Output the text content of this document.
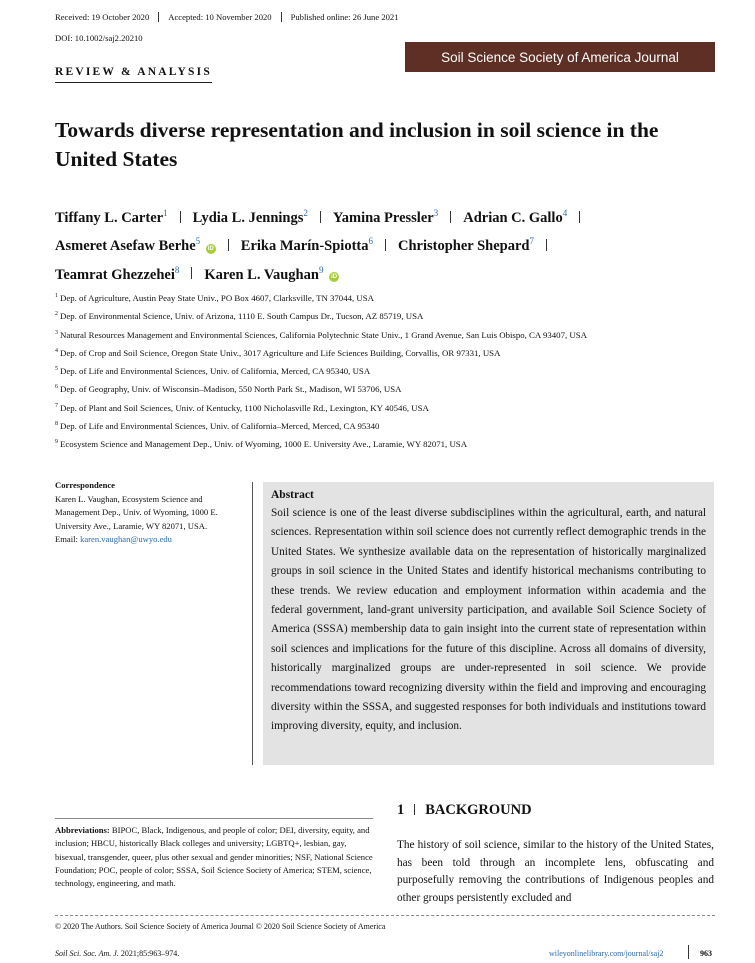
Received: 19 October 2020	Accepted: 10 November 2020	Published online: 26 June 2021
DOI: 10.1002/saj2.20210
Soil Science Society of America Journal
REVIEW & ANALYSIS
Towards diverse representation and inclusion in soil science in the United States
Tiffany L. Carter$^1$ Lydia L. Jennings$^2$ Yamina Pressler$^3$ Adrian C. Gallo$^4$
Asmeret Asefaw Berhe$^5$ iD Erika Marín-Spiotta$^6$ Christopher Shepard$^7$
Teamrat Ghezzehei$^8$ Karen L. Vaughan$^9$ iD
$^1$ Dep. of Agriculture, Austin Peay State Univ., PO Box 4607, Clarksville, TN 37044, USA
$^2$ Dep. of Environmental Science, Univ. of Arizona, 1110 E. South Campus Dr., Tucson, AZ 85719, USA
$^3$ Natural Resources Management and Environmental Sciences, California Polytechnic State Univ., 1 Grand Avenue, San Luis Obispo, CA 93407, USA
$^4$ Dep. of Crop and Soil Science, Oregon State Univ., 3017 Agriculture and Life Sciences Building, Corvallis, OR 97331, USA
$^5$ Dep. of Life and Environmental Sciences, Univ. of California, Merced, CA 95340, USA
$^6$ Dep. of Geography, Univ. of Wisconsin–Madison, 550 North Park St., Madison, WI 53706, USA
$^7$ Dep. of Plant and Soil Sciences, Univ. of Kentucky, 1100 Nicholasville Rd., Lexington, KY 40546, USA
$^8$ Dep. of Life and Environmental Sciences, Univ. of California–Merced, Merced, CA 95340
$^9$ Ecosystem Science and Management Dep., Univ. of Wyoming, 1000 E. University Ave., Laramie, WY 82071, USA
Correspondence
Karen L. Vaughan, Ecosystem Science and Management Dep., Univ. of Wyoming, 1000 E. University Ave., Laramie, WY 82071, USA.
Email: karen.vaughan@uwyo.edu
Abstract
Soil science is one of the least diverse subdisciplines within the agricultural, earth, and natural sciences. Representation within soil science does not currently reflect demographic trends in the United States. We synthesize available data on the representation of historically marginalized groups in soil science in the United States and identify historical mechanisms contributing to these trends. We review education and employment information within academia and the federal government, land-grant university participation, and available Soil Science Society of America (SSSA) membership data to gain insight into the current state of representation within soil sciences and implications for the future of this discipline. Across all domains of diversity, historically marginalized groups are under-represented in soil science. We provide recommendations toward recognizing diversity within the field and improving and encouraging diversity within the SSSA, and suggested responses for both individuals and institutions toward improving diversity, equity, and inclusion.
Abbreviations: BIPOC, Black, Indigenous, and people of color; DEI, diversity, equity, and inclusion; HBCU, historically Black colleges and university; LGBTQ+, lesbian, gay, bisexual, transgender, queer, plus other sexual and gender minorities; NSF, National Science Foundation; POC, people of color; SSSA, Soil Science Society of America; STEM, science, technology, engineering, and math.
1 BACKGROUND
The history of soil science, similar to the history of the United States, has been told through an incomplete lens, obfuscating and purposefully removing the contributions of Indigenous peoples and other groups persistently excluded and
© 2020 The Authors. Soil Science Society of America Journal © 2020 Soil Science Society of America
Soil Sci. Soc. Am. J. 2021;85:963–974.	wileyonlinelibrary.com/journal/saj2	963
